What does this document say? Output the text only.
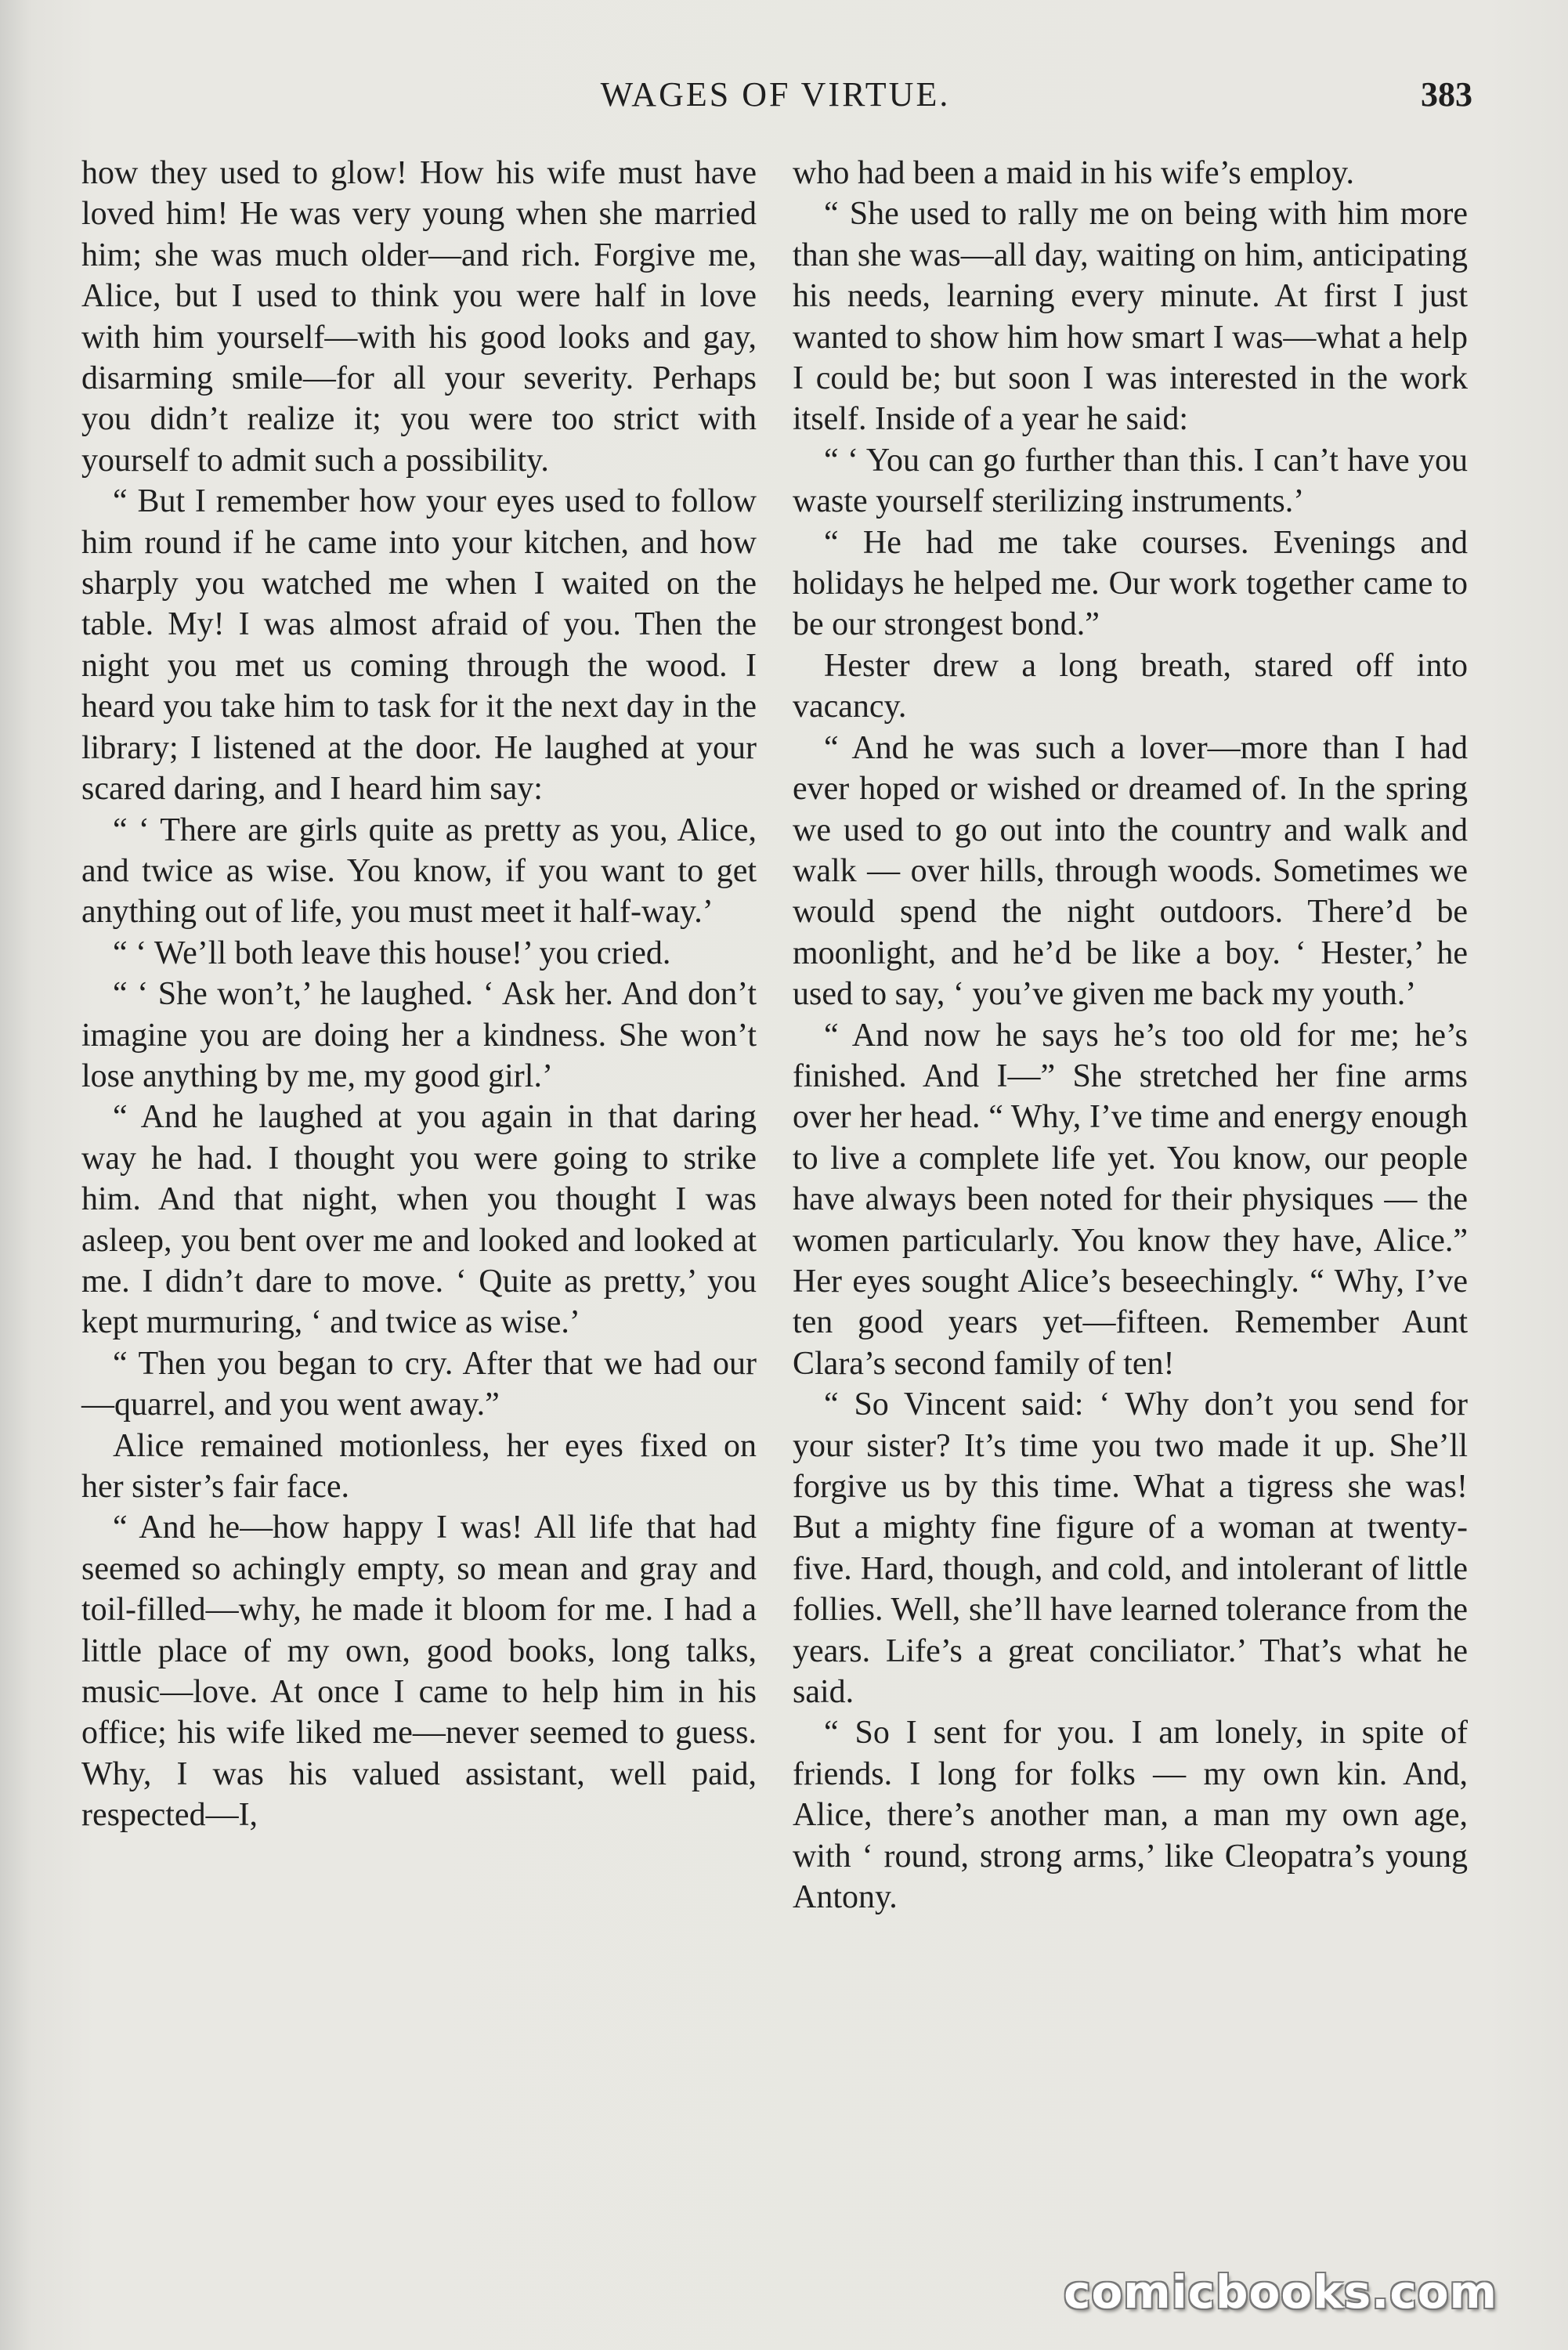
WAGES OF VIRTUE.	383

how they used to glow! How his wife must have loved him! He was very young when she married him; she was much older—and rich. Forgive me, Alice, but I used to think you were half in love with him yourself—with his good looks and gay, disarming smile—for all your severity. Perhaps you didn’t realize it; you were too strict with yourself to admit such a possibility.

“ But I remember how your eyes used to follow him round if he came into your kitchen, and how sharply you watched me when I waited on the table. My! I was almost afraid of you. Then the night you met us coming through the wood. I heard you take him to task for it the next day in the library; I listened at the door. He laughed at your scared daring, and I heard him say:

“ ‘ There are girls quite as pretty as you, Alice, and twice as wise. You know, if you want to get anything out of life, you must meet it half-way.’

“ ‘ We’ll both leave this house!’ you cried.

“ ‘ She won’t,’ he laughed. ‘ Ask her. And don’t imagine you are doing her a kindness. She won’t lose anything by me, my good girl.’

“ And he laughed at you again in that daring way he had. I thought you were going to strike him. And that night, when you thought I was asleep, you bent over me and looked and looked at me. I didn’t dare to move. ‘ Quite as pretty,’ you kept murmuring, ‘ and twice as wise.’

“ Then you began to cry. After that we had our—quarrel, and you went away.”

Alice remained motionless, her eyes fixed on her sister’s fair face.

“ And he—how happy I was! All life that had seemed so achingly empty, so mean and gray and toil-filled—why, he made it bloom for me. I had a little place of my own, good books, long talks, music—love. At once I came to help him in his office; his wife liked me—never seemed to guess. Why, I was his valued assistant, well paid, respected—I,

who had been a maid in his wife’s employ.

“ She used to rally me on being with him more than she was—all day, waiting on him, anticipating his needs, learning every minute. At first I just wanted to show him how smart I was—what a help I could be; but soon I was interested in the work itself. Inside of a year he said:

“ ‘ You can go further than this. I can’t have you waste yourself sterilizing instruments.’

“ He had me take courses. Evenings and holidays he helped me. Our work together came to be our strongest bond.”

Hester drew a long breath, stared off into vacancy.

“ And he was such a lover—more than I had ever hoped or wished or dreamed of. In the spring we used to go out into the country and walk and walk — over hills, through woods. Sometimes we would spend the night outdoors. There’d be moonlight, and he’d be like a boy. ‘ Hester,’ he used to say, ‘ you’ve given me back my youth.’

“ And now he says he’s too old for me; he’s finished. And I—” She stretched her fine arms over her head. “ Why, I’ve time and energy enough to live a complete life yet. You know, our people have always been noted for their physiques — the women particularly. You know they have, Alice.” Her eyes sought Alice’s beseechingly. “ Why, I’ve ten good years yet—fifteen. Remember Aunt Clara’s second family of ten!

“ So Vincent said: ‘ Why don’t you send for your sister? It’s time you two made it up. She’ll forgive us by this time. What a tigress she was! But a mighty fine figure of a woman at twenty-five. Hard, though, and cold, and intolerant of little follies. Well, she’ll have learned tolerance from the years. Life’s a great conciliator.’ That’s what he said.

“ So I sent for you. I am lonely, in spite of friends. I long for folks — my own kin. And, Alice, there’s another man, a man my own age, with ‘ round, strong arms,’ like Cleopatra’s young Antony.

comicbooks.com
